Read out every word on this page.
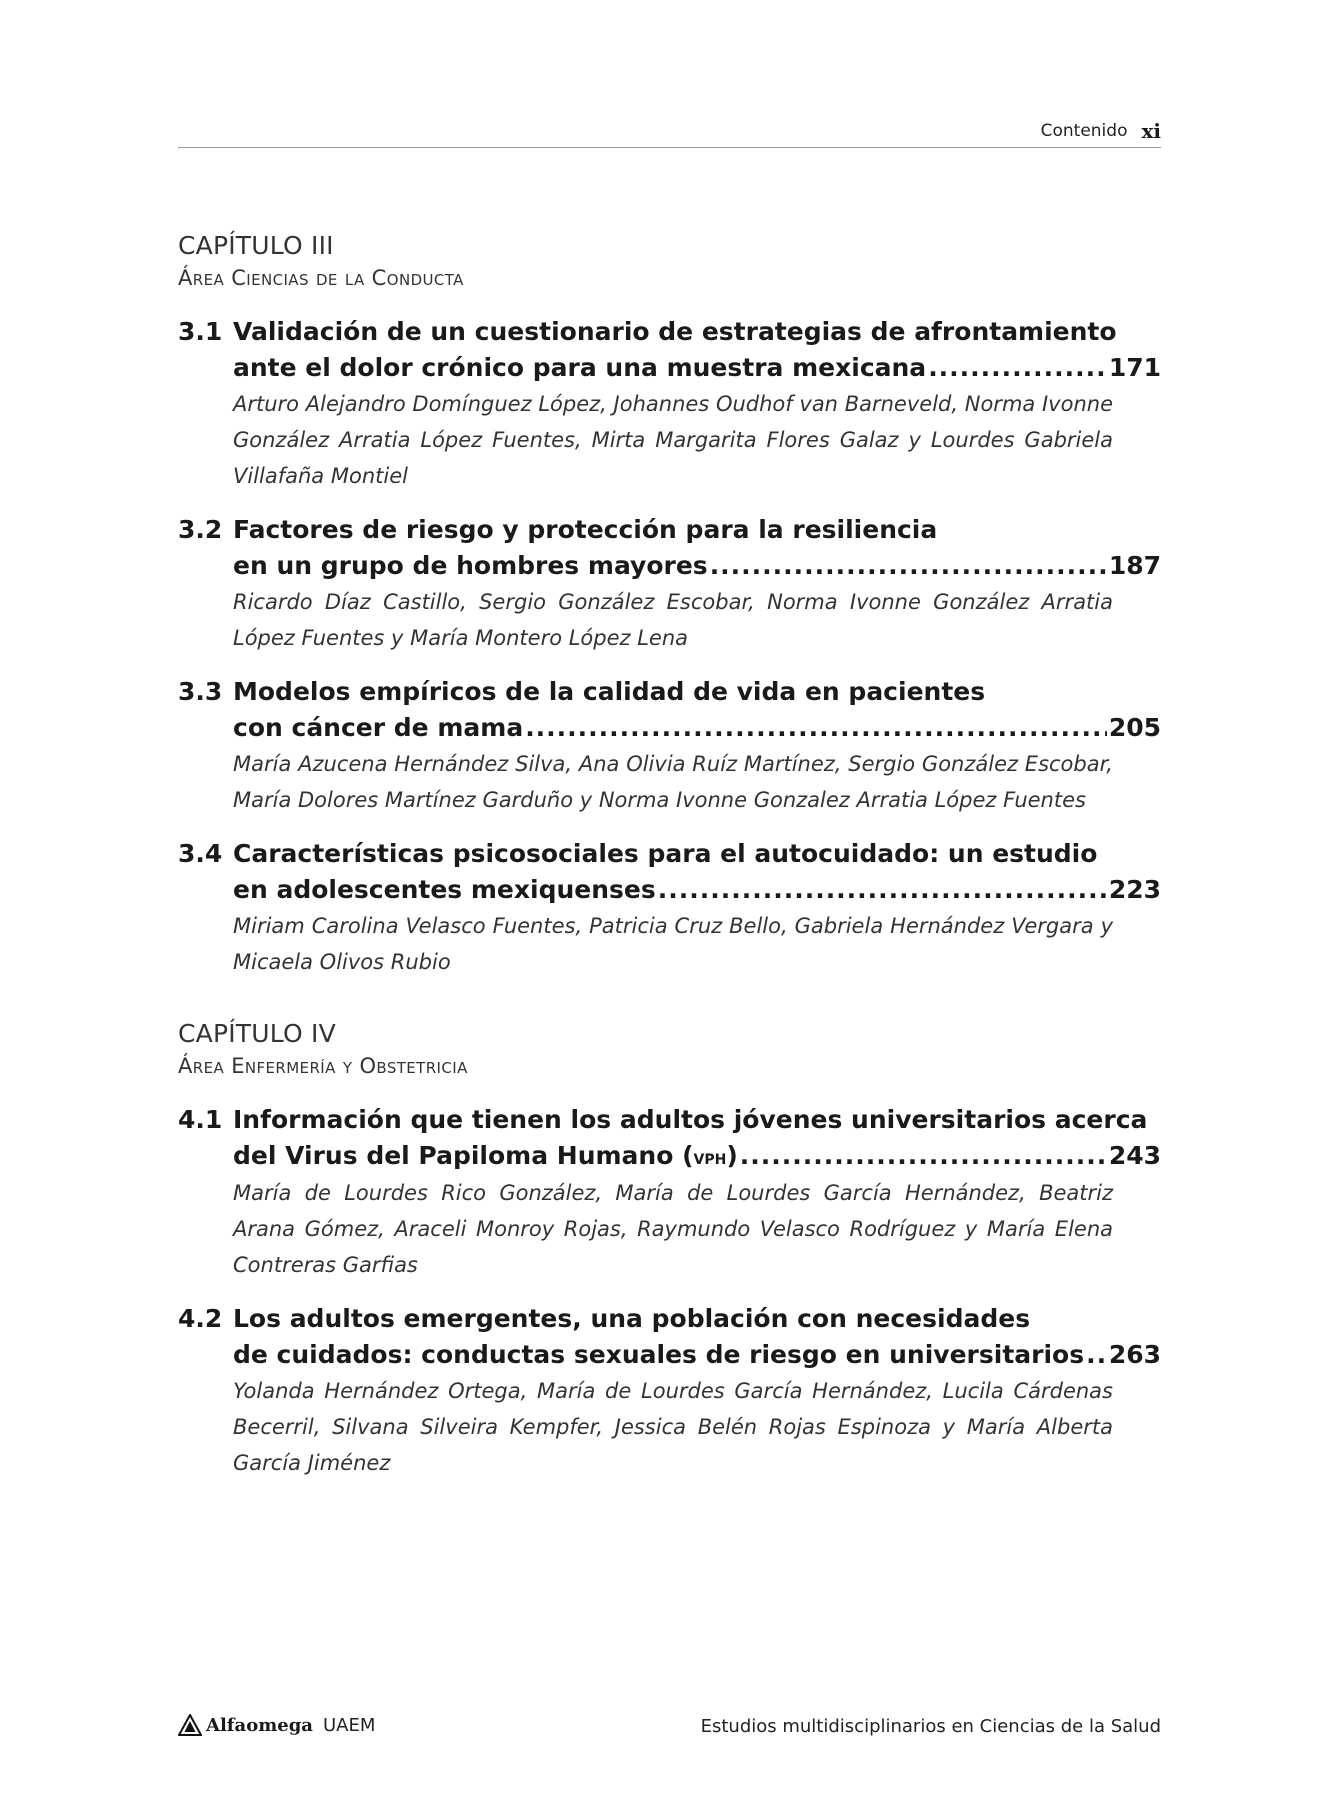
Contenido xi
CAPÍTULO III
Área Ciencias de la Conducta
3.1 Validación de un cuestionario de estrategias de afrontamiento
ante el dolor crónico para una muestra mexicana .....	171
Arturo Alejandro Domínguez López, Johannes Oudhof van Barneveld, Norma Ivonne González Arratia López Fuentes, Mirta Margarita Flores Galaz y Lourdes Gabriela Villafaña Montiel
3.2 Factores de riesgo y protección para la resiliencia
en un grupo de hombres mayores .....	187
Ricardo Díaz Castillo, Sergio González Escobar, Norma Ivonne González Arratia López Fuentes y María Montero López Lena
3.3 Modelos empíricos de la calidad de vida en pacientes
con cáncer de mama .....	205
María Azucena Hernández Silva, Ana Olivia Ruíz Martínez, Sergio González Escobar, María Dolores Martínez Garduño y Norma Ivonne Gonzalez Arratia López Fuentes
3.4 Características psicosociales para el autocuidado: un estudio
en adolescentes mexiquenses .....	223
Miriam Carolina Velasco Fuentes, Patricia Cruz Bello, Gabriela Hernández Vergara y Micaela Olivos Rubio
CAPÍTULO IV
Área Enfermería y Obstetricia
4.1 Información que tienen los adultos jóvenes universitarios acerca
del Virus del Papiloma Humano (vph) .....	243
María de Lourdes Rico González, María de Lourdes García Hernández, Beatriz Arana Gómez, Araceli Monroy Rojas, Raymundo Velasco Rodríguez y María Elena Contreras Garfias
4.2 Los adultos emergentes, una población con necesidades
de cuidados: conductas sexuales de riesgo en universitarios ..... 263
Yolanda Hernández Ortega, María de Lourdes García Hernández, Lucila Cárdenas Becerril, Silvana Silveira Kempfer, Jessica Belén Rojas Espinoza y María Alberta García Jiménez
Alfaomega UAEM	Estudios multidisciplinarios en Ciencias de la Salud
